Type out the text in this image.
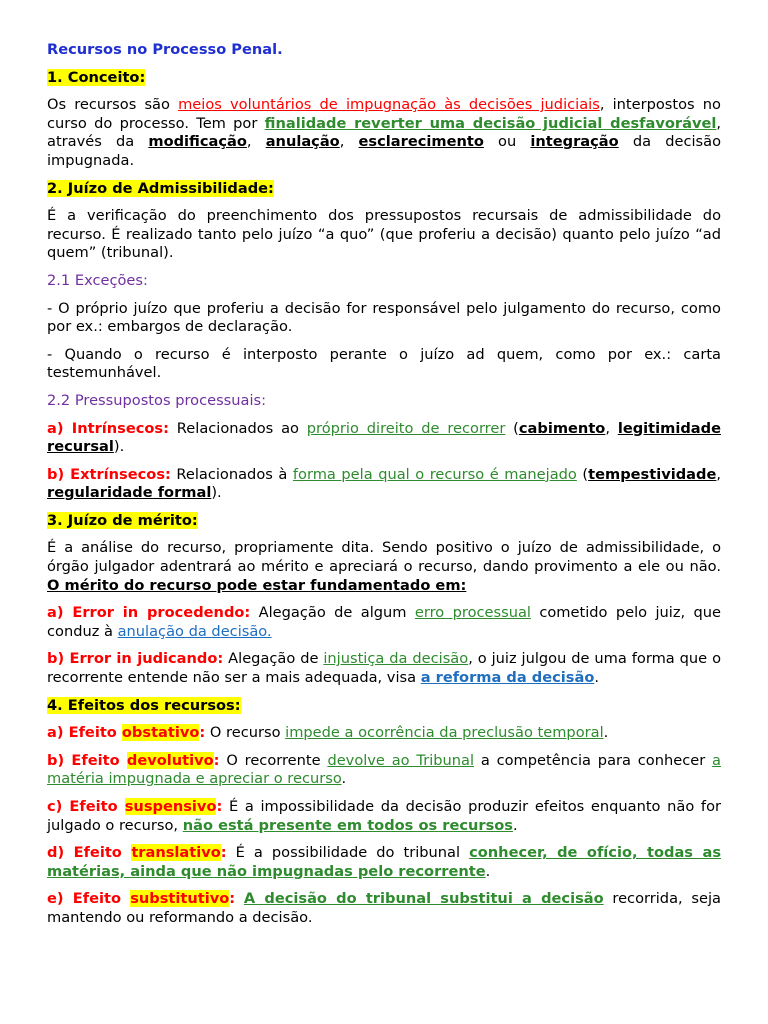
Recursos no Processo Penal.

1. Conceito:

Os recursos são meios voluntários de impugnação às decisões judiciais, interpostos no curso do processo. Tem por finalidade reverter uma decisão judicial desfavorável, através da modificação, anulação, esclarecimento ou integração da decisão impugnada.

2. Juízo de Admissibilidade:

É a verificação do preenchimento dos pressupostos recursais de admissibilidade do recurso. É realizado tanto pelo juízo “a quo” (que proferiu a decisão) quanto pelo juízo “ad quem” (tribunal).

2.1 Exceções:

- O próprio juízo que proferiu a decisão for responsável pelo julgamento do recurso, como por ex.: embargos de declaração.

- Quando o recurso é interposto perante o juízo ad quem, como por ex.: carta testemunhável.

2.2 Pressupostos processuais:

a) Intrínsecos: Relacionados ao próprio direito de recorrer (cabimento, legitimidade recursal).

b) Extrínsecos: Relacionados à forma pela qual o recurso é manejado (tempestividade, regularidade formal).

3. Juízo de mérito:

É a análise do recurso, propriamente dita. Sendo positivo o juízo de admissibilidade, o órgão julgador adentrará ao mérito e apreciará o recurso, dando provimento a ele ou não. O mérito do recurso pode estar fundamentado em:

a) Error in procedendo: Alegação de algum erro processual cometido pelo juiz, que conduz à anulação da decisão.

b) Error in judicando: Alegação de injustiça da decisão, o juiz julgou de uma forma que o recorrente entende não ser a mais adequada, visa a reforma da decisão.

4. Efeitos dos recursos:

a) Efeito obstativo: O recurso impede a ocorrência da preclusão temporal.

b) Efeito devolutivo: O recorrente devolve ao Tribunal a competência para conhecer a matéria impugnada e apreciar o recurso.

c) Efeito suspensivo: É a impossibilidade da decisão produzir efeitos enquanto não for julgado o recurso, não está presente em todos os recursos.

d) Efeito translativo: É a possibilidade do tribunal conhecer, de ofício, todas as matérias, ainda que não impugnadas pelo recorrente.

e) Efeito substitutivo: A decisão do tribunal substitui a decisão recorrida, seja mantendo ou reformando a decisão.
